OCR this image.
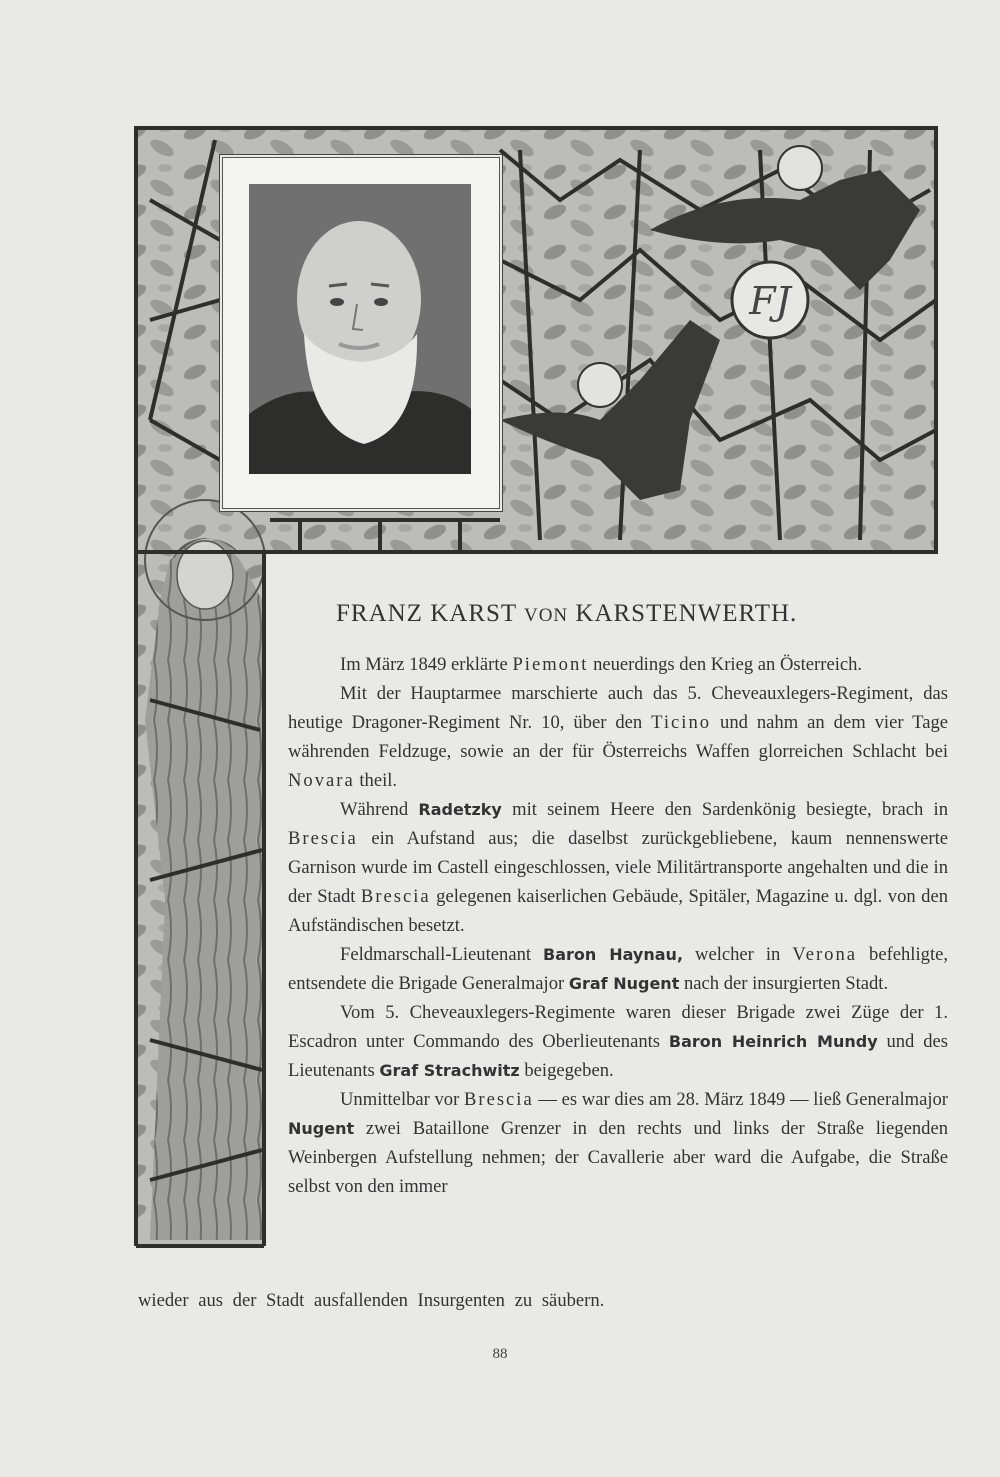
FJ
FRANZ KARST VON KARSTENWERTH.

Im März 1849 erklärte Piemont neuerdings den Krieg an Österreich.

Mit der Hauptarmee marschierte auch das 5. Cheveauxlegers-Regiment, das heutige Dragoner-Regiment Nr. 10, über den Ticino und nahm an dem vier Tage währenden Feldzuge, sowie an der für Österreichs Waffen glorreichen Schlacht bei Novara theil.

Während Radetzky mit seinem Heere den Sardenkönig besiegte, brach in Brescia ein Aufstand aus; die daselbst zurückgebliebene, kaum nennenswerte Garnison wurde im Castell eingeschlossen, viele Militärtransporte angehalten und die in der Stadt Brescia gelegenen kaiserlichen Gebäude, Spitäler, Magazine u. dgl. von den Aufständischen besetzt.

Feldmarschall-Lieutenant Baron Haynau, welcher in Verona befehligte, entsendete die Brigade Generalmajor Graf Nugent nach der insurgierten Stadt.

Vom 5. Cheveauxlegers-Regimente waren dieser Brigade zwei Züge der 1. Escadron unter Commando des Oberlieutenants Baron Heinrich Mundy und des Lieutenants Graf Strachwitz beigegeben.

Unmittelbar vor Brescia — es war dies am 28. März 1849 — ließ Generalmajor Nugent zwei Bataillone Grenzer in den rechts und links der Straße liegenden Weinbergen Aufstellung nehmen; der Cavallerie aber ward die Aufgabe, die Straße selbst von den immer

wieder aus der Stadt ausfallenden Insurgenten zu säubern.
88
